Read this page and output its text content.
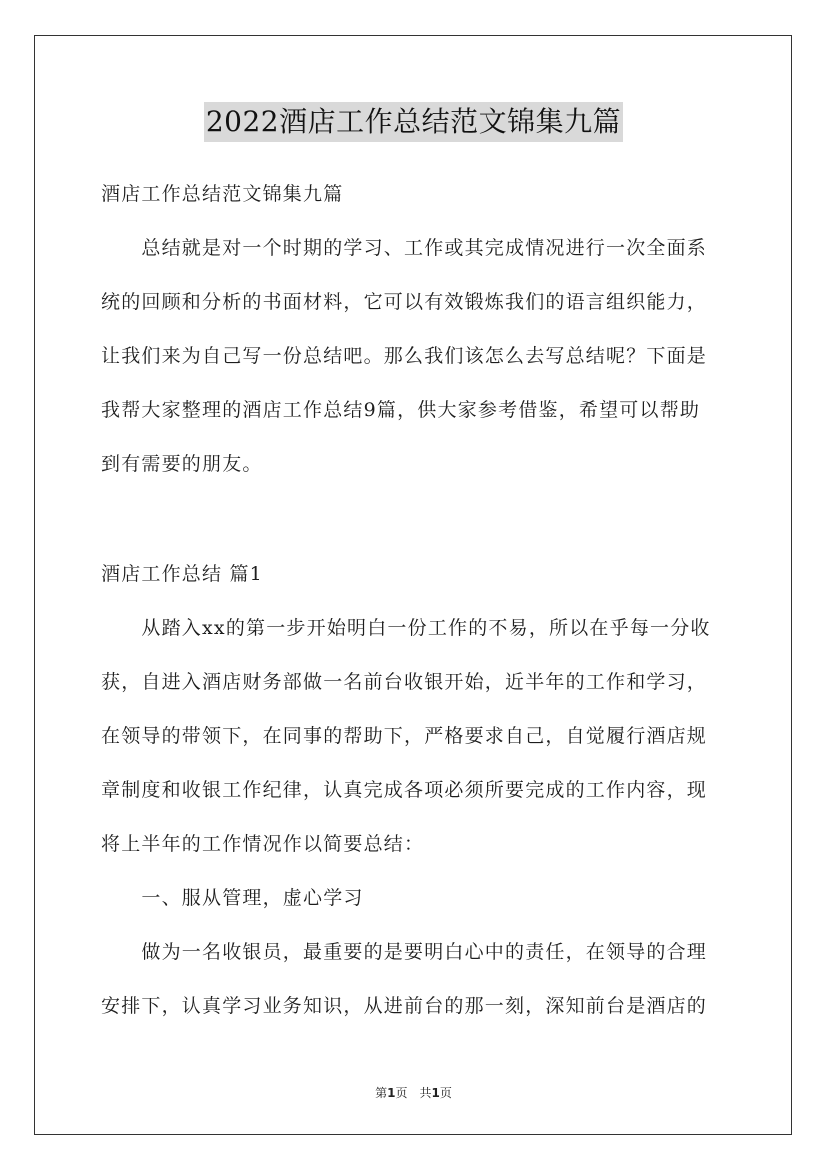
2022酒店工作总结范文锦集九篇
酒店工作总结范文锦集九篇
　　总结就是对一个时期的学习、工作或其完成情况进行一次全面系
统的回顾和分析的书面材料，它可以有效锻炼我们的语言组织能力，
让我们来为自己写一份总结吧。那么我们该怎么去写总结呢？下面是
我帮大家整理的酒店工作总结9篇，供大家参考借鉴，希望可以帮助
到有需要的朋友。
酒店工作总结 篇1
　　从踏入xx的第一步开始明白一份工作的不易，所以在乎每一分收
获，自进入酒店财务部做一名前台收银开始，近半年的工作和学习，
在领导的带领下，在同事的帮助下，严格要求自己，自觉履行酒店规
章制度和收银工作纪律，认真完成各项必须所要完成的工作内容，现
将上半年的工作情况作以简要总结：
　　一、服从管理，虚心学习
　　做为一名收银员，最重要的是要明白心中的责任，在领导的合理
安排下，认真学习业务知识，从进前台的那一刻，深知前台是酒店的
第1页　共1页
